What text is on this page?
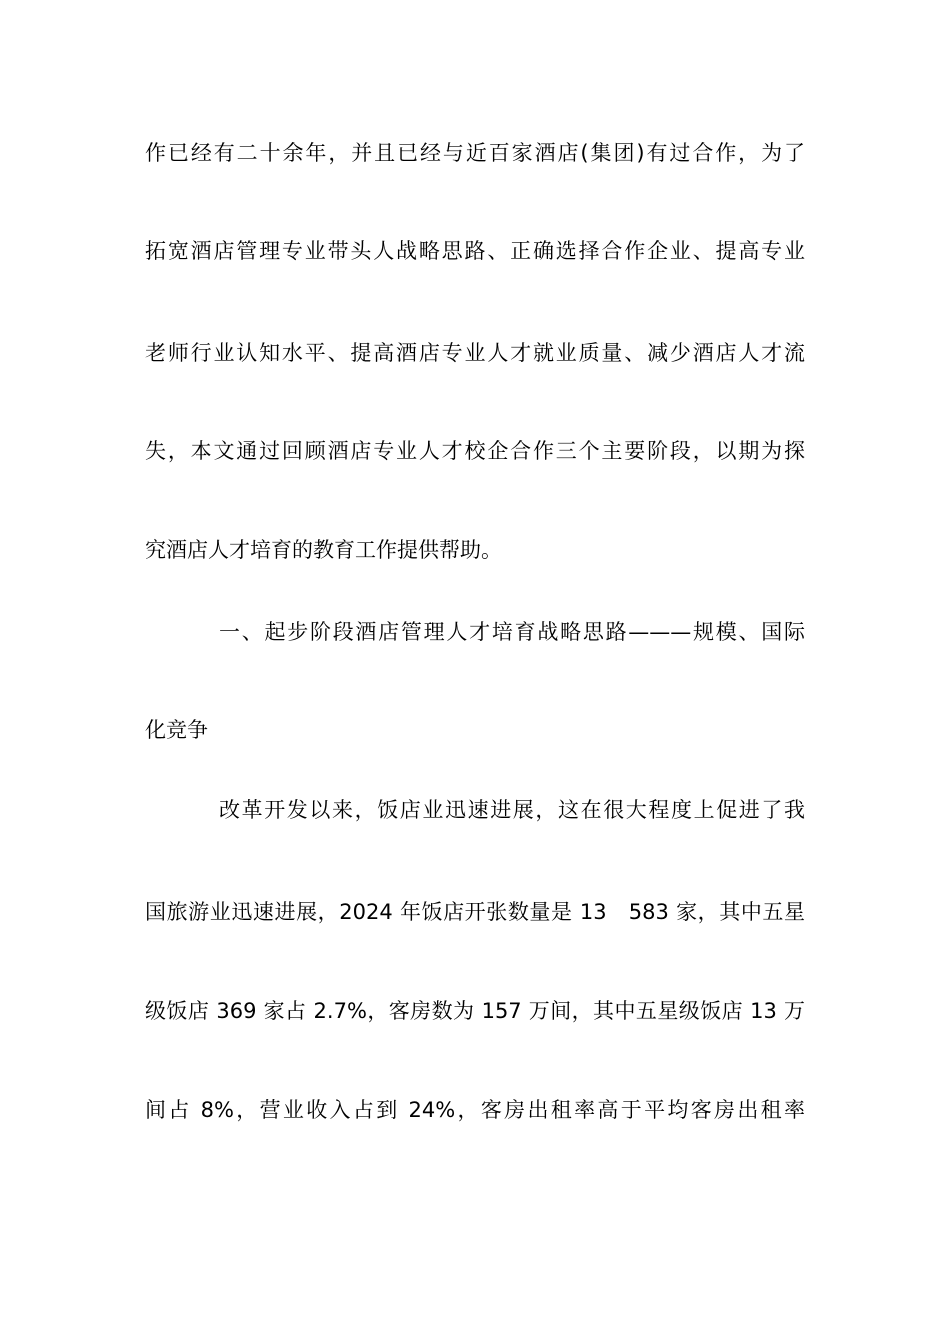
作已经有二十余年，并且已经与近百家酒店(集团)有过合作，为了
拓宽酒店管理专业带头人战略思路、正确选择合作企业、提高专业
老师行业认知水平、提高酒店专业人才就业质量、减少酒店人才流
失，本文通过回顾酒店专业人才校企合作三个主要阶段，以期为探
究酒店人才培育的教育工作提供帮助。
一、起步阶段酒店管理人才培育战略思路———规模、国际
化竞争
改革开发以来，饭店业迅速进展，这在很大程度上促进了我
国旅游业迅速进展，2024 年饭店开张数量是 13　583 家，其中五星
级饭店 369 家占 2.7%，客房数为 157 万间，其中五星级饭店 13 万
间占 8%，营业收入占到 24%，客房出租率高于平均客房出租率
